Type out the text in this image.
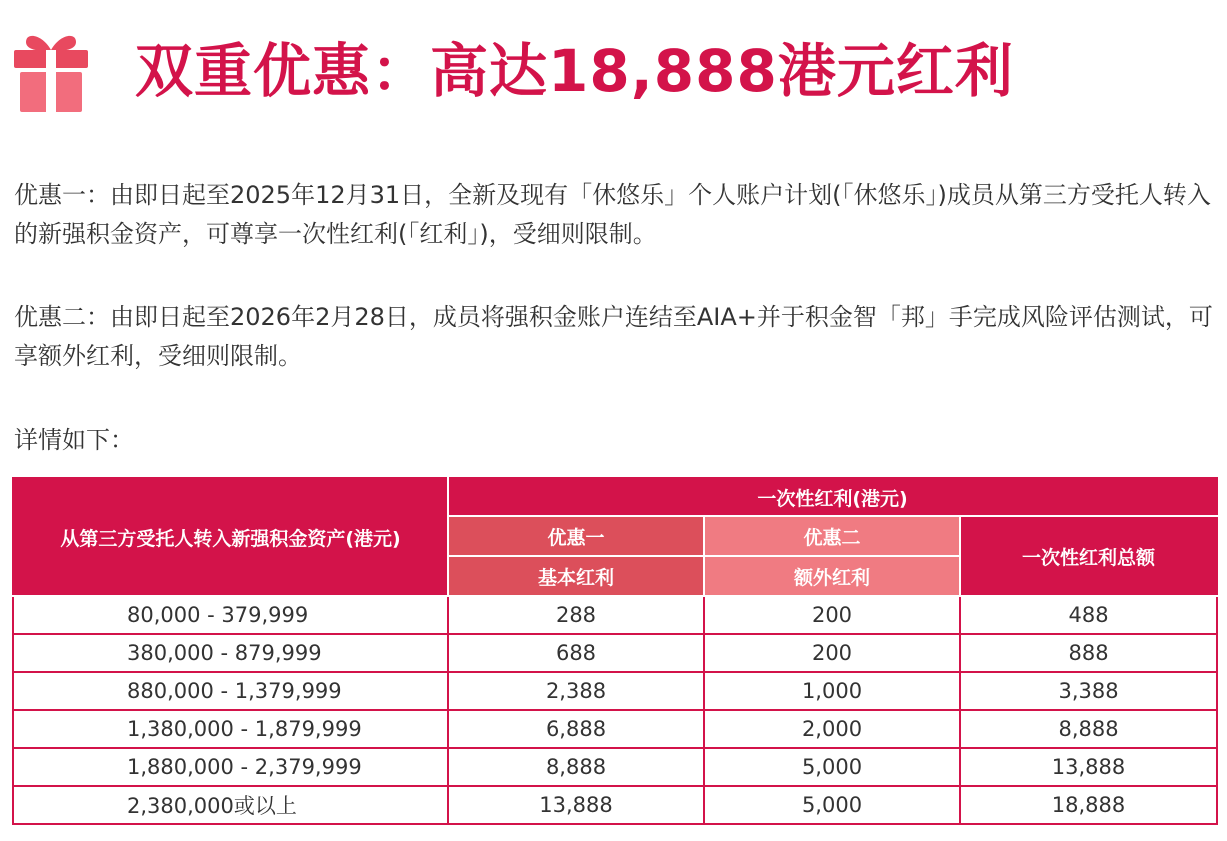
双重优惠：高达18,888港元红利

优惠一：由即日起至2025年12月31日，全新及现有「休悠乐」个人账户计划(「休悠乐」)成员从第三方受托人转入的新强积金资产，可尊享一次性红利(「红利」)，受细则限制。

优惠二：由即日起至2026年2月28日，成员将强积金账户连结至AIA+并于积金智「邦」手完成风险评估测试，可享额外红利，受细则限制。

详情如下：

从第三方受托人转入新强积金资产(港元)	一次性红利(港元)		
	优惠一	优惠二	一次性红利总额
	基本红利	额外红利	
80,000 - 379,999	288	200	488
380,000 - 879,999	688	200	888
880,000 - 1,379,999	2,388	1,000	3,388
1,380,000 - 1,879,999	6,888	2,000	8,888
1,880,000 - 2,379,999	8,888	5,000	13,888
2,380,000或以上	13,888	5,000	18,888
